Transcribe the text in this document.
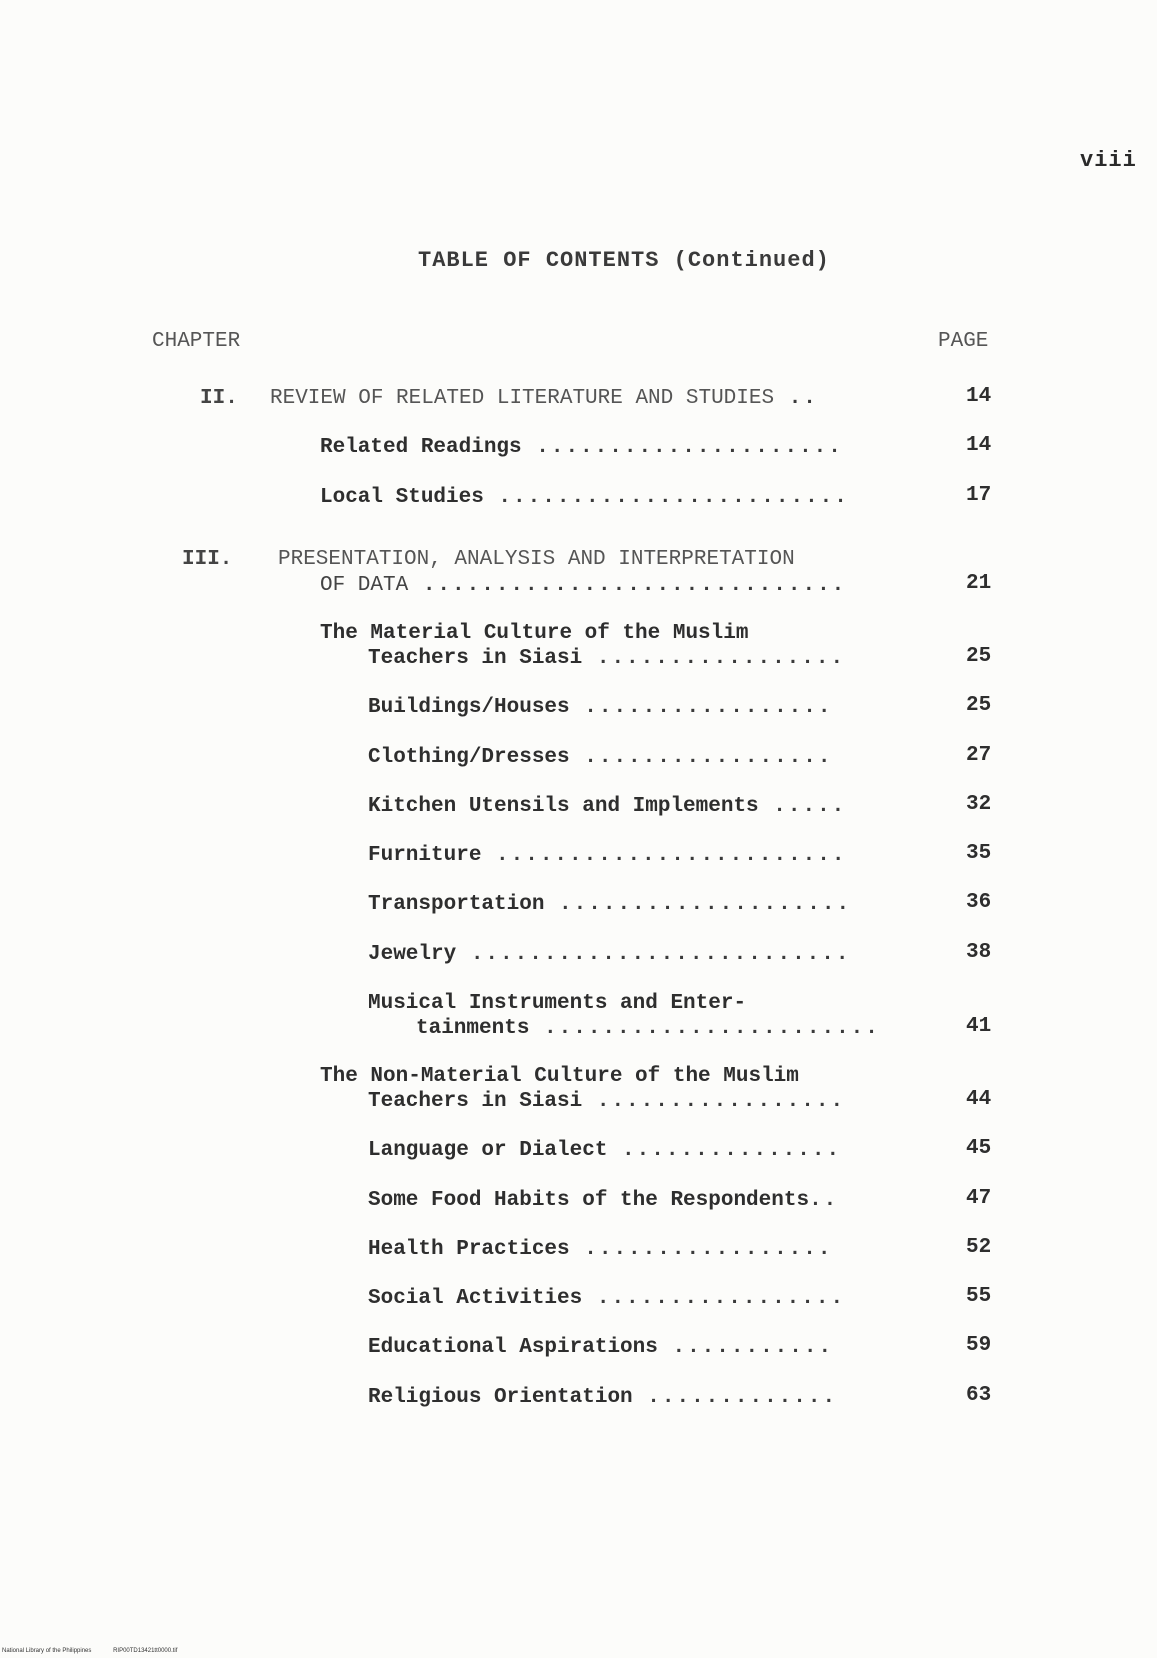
viii
TABLE OF CONTENTS (Continued)
CHAPTER	PAGE
II. REVIEW OF RELATED LITERATURE AND STUDIES ..	14
Related Readings .....................	14
Local Studies ........................	17
III. PRESENTATION, ANALYSIS AND INTERPRETATION
OF DATA .............................	21
The Material Culture of the Muslim
Teachers in Siasi .................	25
Buildings/Houses .................	25
Clothing/Dresses .................	27
Kitchen Utensils and Implements .....	32
Furniture ........................	35
Transportation ....................	36
Jewelry ..........................	38
Musical Instruments and Enter-
tainments .......................	41
The Non-Material Culture of the Muslim
Teachers in Siasi .................	44
Language or Dialect ...............	45
Some Food Habits of the Respondents..	47
Health Practices .................	52
Social Activities .................	55
Educational Aspirations ...........	59
Religious Orientation .............	63
National Library of the Philippines	RIP00TD13421tt0000.tif
